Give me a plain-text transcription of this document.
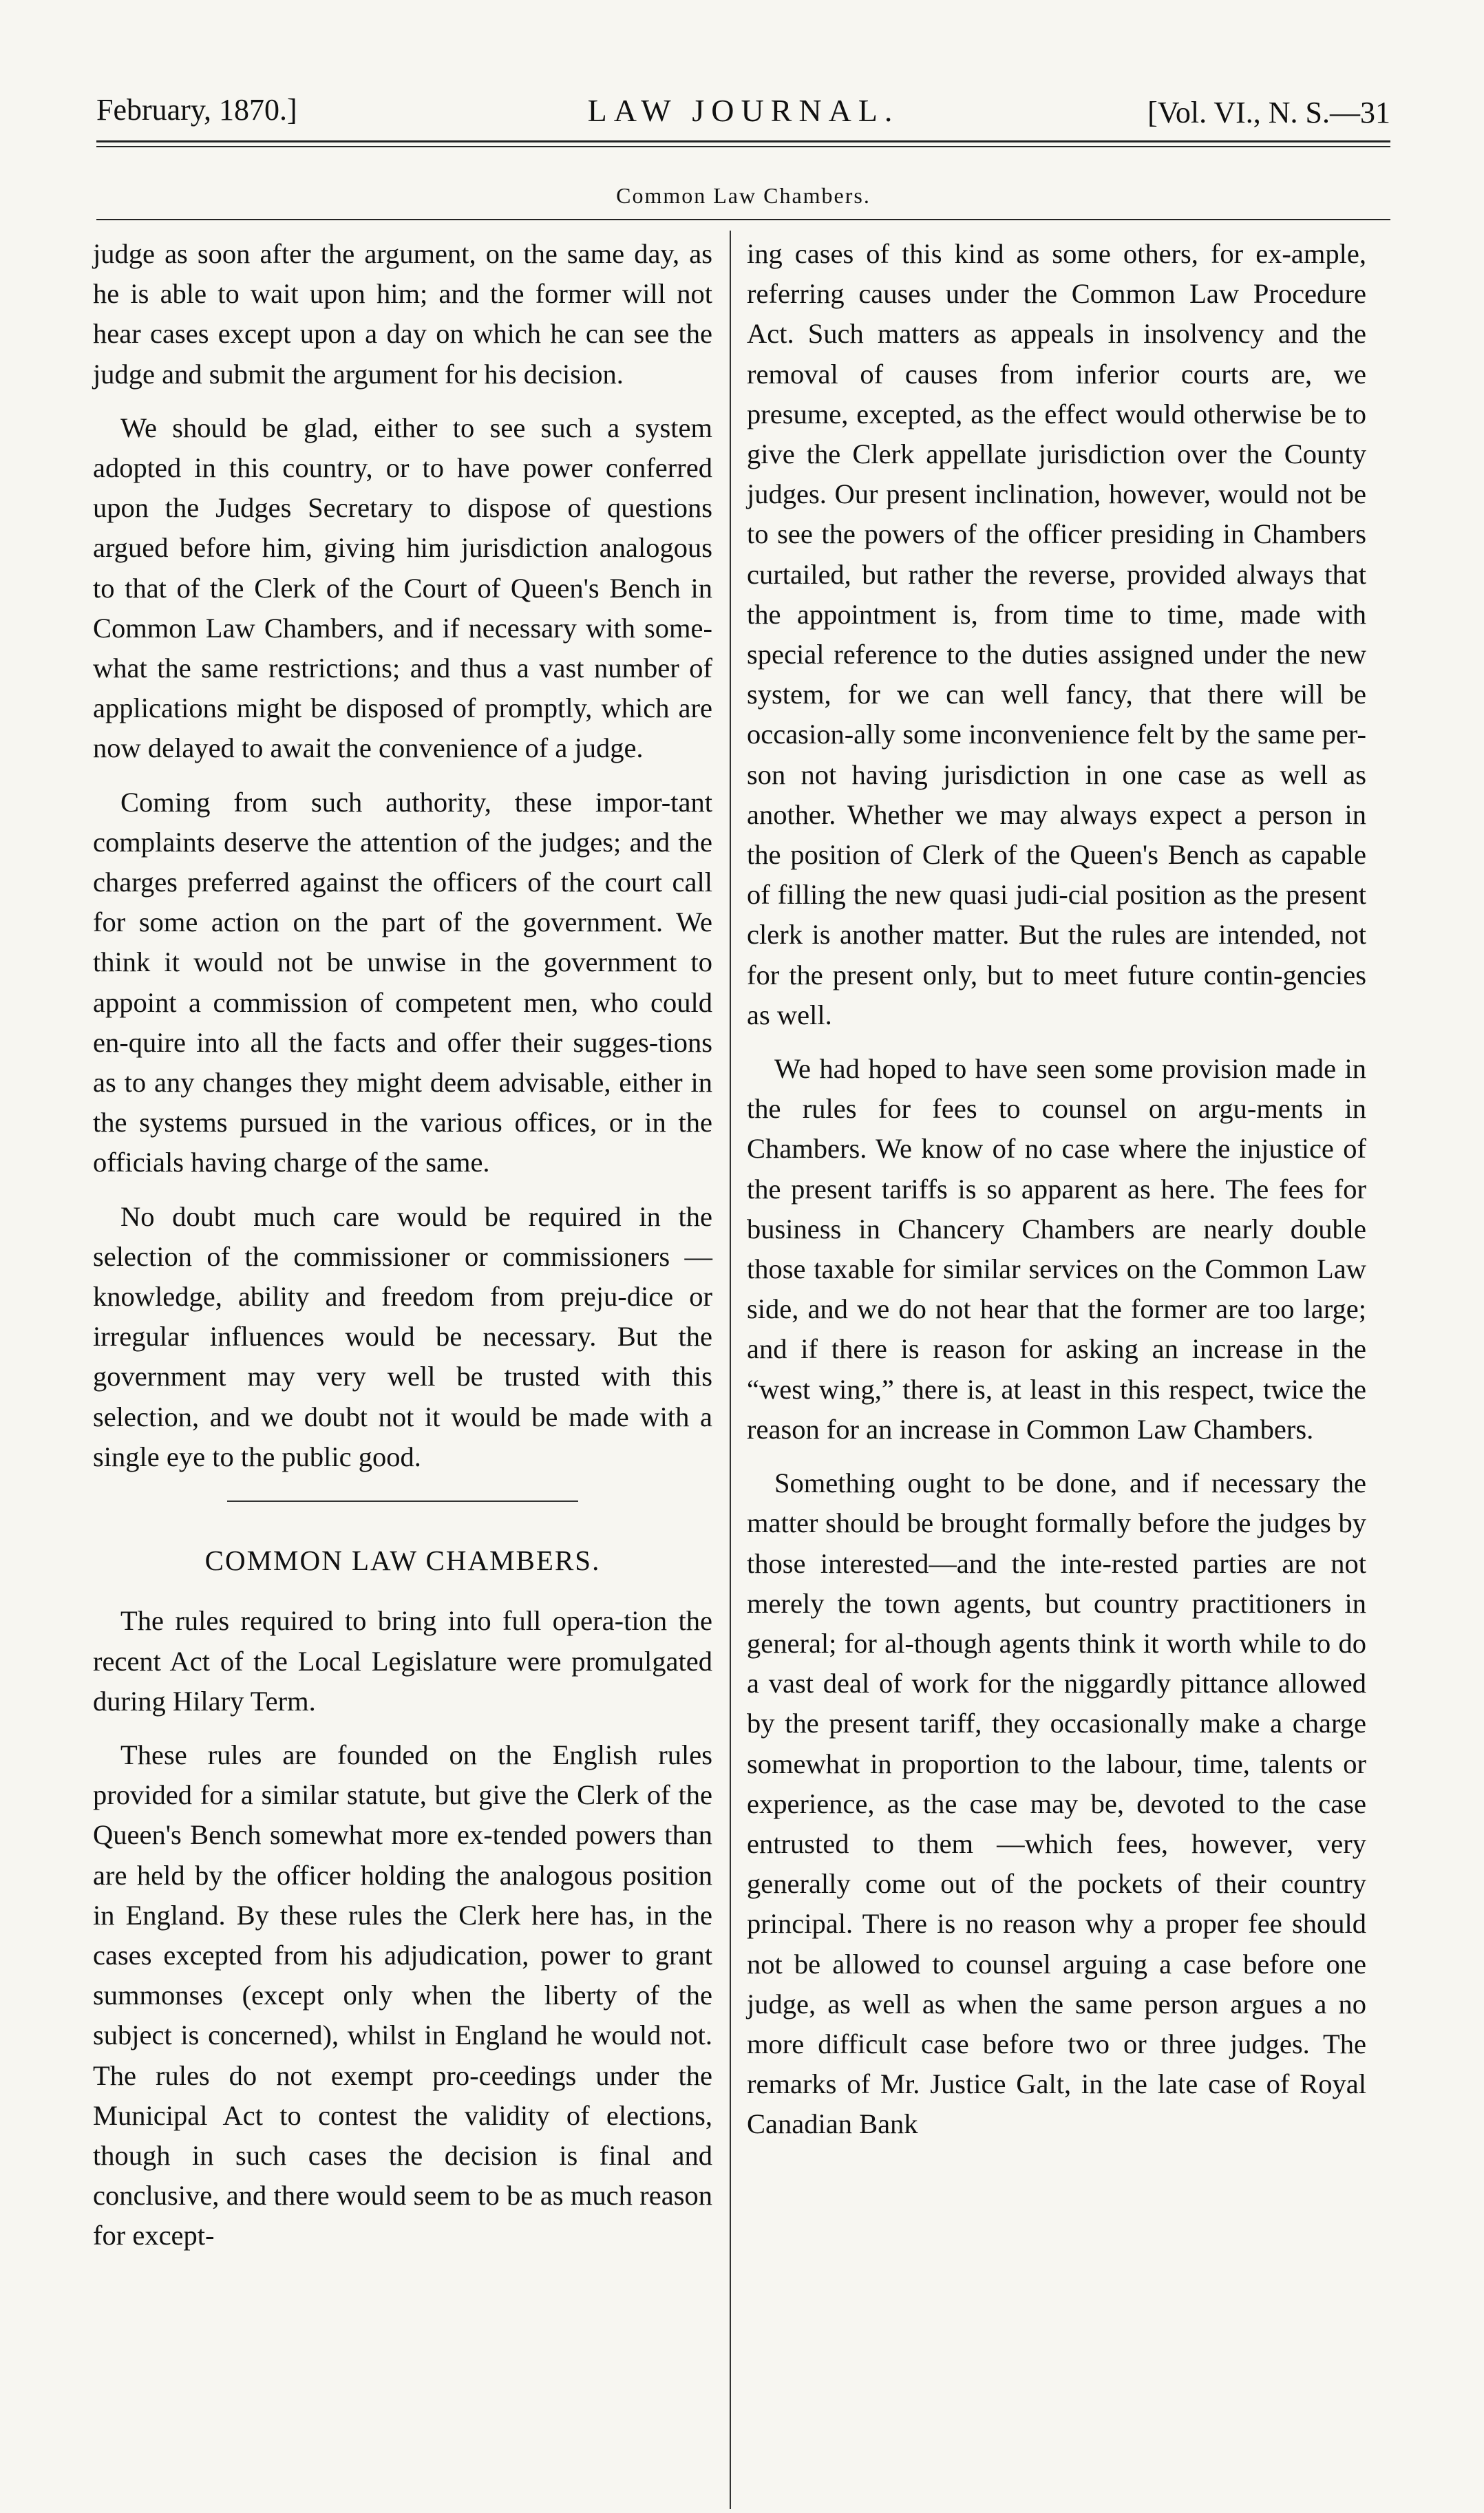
February, 1870.]	LAW JOURNAL.	[Vol. VI., N. S.—31
Common Law Chambers.

judge as soon after the argument, on the same day, as he is able to wait upon him; and the former will not hear cases except upon a day on which he can see the judge and submit the argument for his decision.

We should be glad, either to see such a system adopted in this country, or to have power conferred upon the Judges Secretary to dispose of questions argued before him, giving him jurisdiction analogous to that of the Clerk of the Court of Queen's Bench in Common Law Chambers, and if necessary with some-what the same restrictions; and thus a vast number of applications might be disposed of promptly, which are now delayed to await the convenience of a judge.

Coming from such authority, these impor-tant complaints deserve the attention of the judges; and the charges preferred against the officers of the court call for some action on the part of the government. We think it would not be unwise in the government to appoint a commission of competent men, who could en-quire into all the facts and offer their sugges-tions as to any changes they might deem advisable, either in the systems pursued in the various offices, or in the officials having charge of the same.

No doubt much care would be required in the selection of the commissioner or commissioners —knowledge, ability and freedom from preju-dice or irregular influences would be necessary. But the government may very well be trusted with this selection, and we doubt not it would be made with a single eye to the public good.

COMMON LAW CHAMBERS.

The rules required to bring into full opera-tion the recent Act of the Local Legislature were promulgated during Hilary Term.

These rules are founded on the English rules provided for a similar statute, but give the Clerk of the Queen's Bench somewhat more ex-tended powers than are held by the officer holding the analogous position in England. By these rules the Clerk here has, in the cases excepted from his adjudication, power to grant summonses (except only when the liberty of the subject is concerned), whilst in England he would not. The rules do not exempt pro-ceedings under the Municipal Act to contest the validity of elections, though in such cases the decision is final and conclusive, and there would seem to be as much reason for except-

ing cases of this kind as some others, for ex-ample, referring causes under the Common Law Procedure Act. Such matters as appeals in insolvency and the removal of causes from inferior courts are, we presume, excepted, as the effect would otherwise be to give the Clerk appellate jurisdiction over the County judges. Our present inclination, however, would not be to see the powers of the officer presiding in Chambers curtailed, but rather the reverse, provided always that the appointment is, from time to time, made with special reference to the duties assigned under the new system, for we can well fancy, that there will be occasion-ally some inconvenience felt by the same per-son not having jurisdiction in one case as well as another. Whether we may always expect a person in the position of Clerk of the Queen's Bench as capable of filling the new quasi judi-cial position as the present clerk is another matter. But the rules are intended, not for the present only, but to meet future contin-gencies as well.

We had hoped to have seen some provision made in the rules for fees to counsel on argu-ments in Chambers. We know of no case where the injustice of the present tariffs is so apparent as here. The fees for business in Chancery Chambers are nearly double those taxable for similar services on the Common Law side, and we do not hear that the former are too large; and if there is reason for asking an increase in the “west wing,” there is, at least in this respect, twice the reason for an increase in Common Law Chambers.

Something ought to be done, and if necessary the matter should be brought formally before the judges by those interested—and the inte-rested parties are not merely the town agents, but country practitioners in general; for al-though agents think it worth while to do a vast deal of work for the niggardly pittance allowed by the present tariff, they occasionally make a charge somewhat in proportion to the labour, time, talents or experience, as the case may be, devoted to the case entrusted to them —which fees, however, very generally come out of the pockets of their country principal. There is no reason why a proper fee should not be allowed to counsel arguing a case before one judge, as well as when the same person argues a no more difficult case before two or three judges. The remarks of Mr. Justice Galt, in the late case of Royal Canadian Bank
